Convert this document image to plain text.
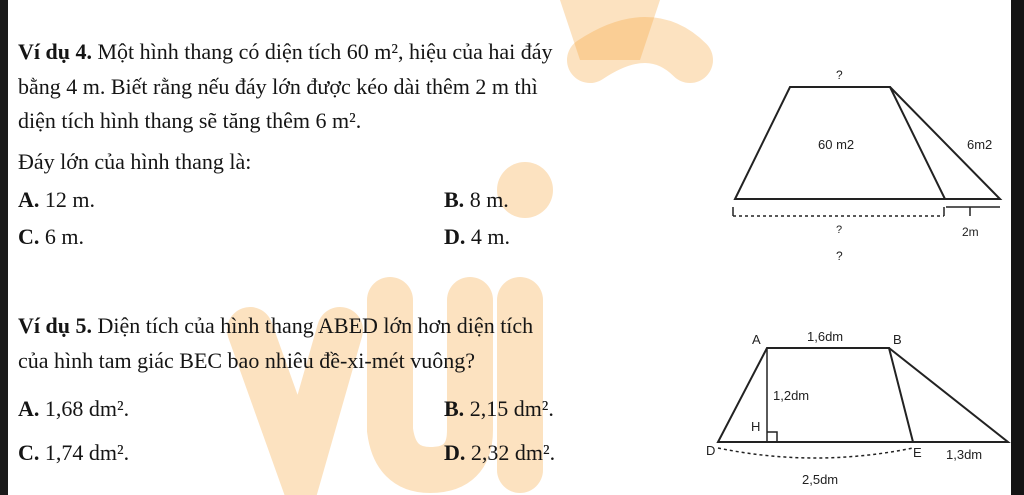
Ví dụ 4. Một hình thang có diện tích 60 m², hiệu của hai đáy
bằng 4 m. Biết rằng nếu đáy lớn được kéo dài thêm 2 m thì
diện tích hình thang sẽ tăng thêm 6 m².
Đáy lớn của hình thang là:
A. 12 m.	B. 8 m.
C. 6 m.	D. 4 m.
Ví dụ 5. Diện tích của hình thang ABED lớn hơn diện tích
của hình tam giác BEC bao nhiêu đề-xi-mét vuông?
A. 1,68 dm².	B. 2,15 dm².
C. 1,74 dm².	D. 2,32 dm².
?
60 m2	6m2
2m
?
?
A	B
D	E
H
1,6dm
1,2dm
1,3dm
2,5dm
